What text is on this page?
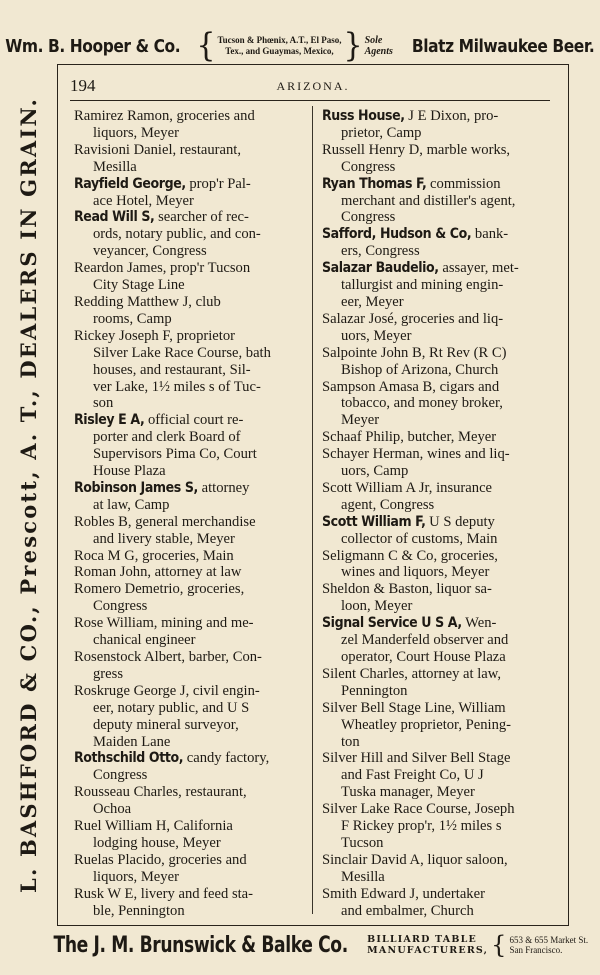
Wm. B. Hooper & Co. { Tucson & Phœnix, A.T., El Paso,
Tex., and Guaymas, Mexico, } Sole
Agents Blatz Milwaukee Beer.
L. BASHFORD & CO., Prescott, A. T., DEALERS IN GRAIN.
194	ARIZONA.
Ramirez Ramon, groceries and
liquors, Meyer
Ravisioni Daniel, restaurant,
Mesilla
Rayfield George, prop'r Pal-
ace Hotel, Meyer
Read Will S, searcher of rec-
ords, notary public, and con-
veyancer, Congress
Reardon James, prop'r Tucson
City Stage Line
Redding Matthew J, club
rooms, Camp
Rickey Joseph F, proprietor
Silver Lake Race Course, bath
houses, and restaurant, Sil-
ver Lake, 1½ miles s of Tuc-
son
Risley E A, official court re-
porter and clerk Board of
Supervisors Pima Co, Court
House Plaza
Robinson James S, attorney
at law, Camp
Robles B, general merchandise
and livery stable, Meyer
Roca M G, groceries, Main
Roman John, attorney at law
Romero Demetrio, groceries,
Congress
Rose William, mining and me-
chanical engineer
Rosenstock Albert, barber, Con-
gress
Roskruge George J, civil engin-
eer, notary public, and U S
deputy mineral surveyor,
Maiden Lane
Rothschild Otto, candy factory,
Congress
Rousseau Charles, restaurant,
Ochoa
Ruel William H, California
lodging house, Meyer
Ruelas Placido, groceries and
liquors, Meyer
Rusk W E, livery and feed sta-
ble, Pennington
Russ House, J E Dixon, pro-
prietor, Camp
Russell Henry D, marble works,
Congress
Ryan Thomas F, commission
merchant and distiller's agent,
Congress
Safford, Hudson & Co, bank-
ers, Congress
Salazar Baudelio, assayer, met-
tallurgist and mining engin-
eer, Meyer
Salazar José, groceries and liq-
uors, Meyer
Salpointe John B, Rt Rev (R C)
Bishop of Arizona, Church
Sampson Amasa B, cigars and
tobacco, and money broker,
Meyer
Schaaf Philip, butcher, Meyer
Schayer Herman, wines and liq-
uors, Camp
Scott William A Jr, insurance
agent, Congress
Scott William F, U S deputy
collector of customs, Main
Seligmann C & Co, groceries,
wines and liquors, Meyer
Sheldon & Baston, liquor sa-
loon, Meyer
Signal Service U S A, Wen-
zel Manderfeld observer and
operator, Court House Plaza
Silent Charles, attorney at law,
Pennington
Silver Bell Stage Line, William
Wheatley proprietor, Pening-
ton
Silver Hill and Silver Bell Stage
and Fast Freight Co, U J
Tuska manager, Meyer
Silver Lake Race Course, Joseph
F Rickey prop'r, 1½ miles s
Tucson
Sinclair David A, liquor saloon,
Mesilla
Smith Edward J, undertaker
and embalmer, Church
The J. M. Brunswick & Balke Co. BILLIARD TABLE
MANUFACTURERS, { 653 & 655 Market St.
San Francisco.
